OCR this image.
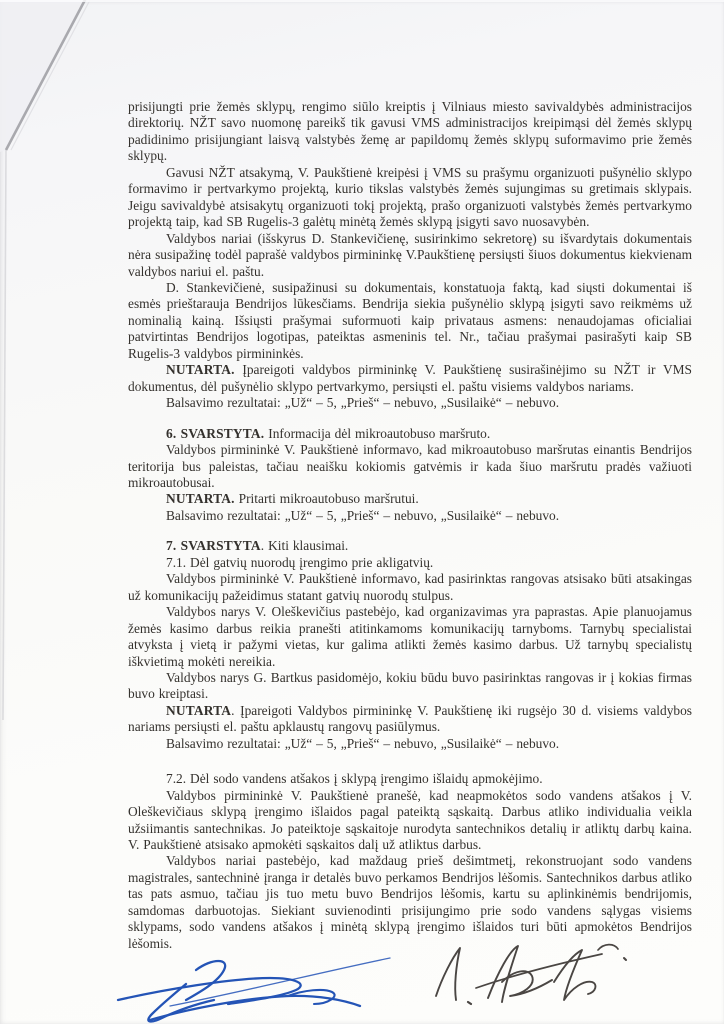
prisijungti prie žemės sklypų, rengimo siūlo kreiptis į Vilniaus miesto savivaldybės administracijos direktorių. NŽT savo nuomonę pareikš tik gavusi VMS administracijos kreipimąsi dėl žemės sklypų padidinimo prisijungiant laisvą valstybės žemę ar papildomų žemės sklypų suformavimo prie žemės sklypų.

Gavusi NŽT atsakymą, V. Paukštienė kreipėsi į VMS su prašymu organizuoti pušynėlio sklypo formavimo ir pertvarkymo projektą, kurio tikslas valstybės žemės sujungimas su gretimais sklypais. Jeigu savivaldybė atsisakytų organizuoti tokį projektą, prašo organizuoti valstybės žemės pertvarkymo projektą taip, kad SB Rugelis-3 galėtų minėtą žemės sklypą įsigyti savo nuosavybėn.

Valdybos nariai (išskyrus D. Stankevičienę, susirinkimo sekretorę) su išvardytais dokumentais nėra susipažinę todėl paprašė valdybos pirmininkę V.Paukštienę persiųsti šiuos dokumentus kiekvienam valdybos nariui el. paštu.

D. Stankevičienė, susipažinusi su dokumentais, konstatuoja faktą, kad siųsti dokumentai iš esmės prieštarauja Bendrijos lūkesčiams. Bendrija siekia pušynėlio sklypą įsigyti savo reikmėms už nominalią kainą. Išsiųsti prašymai suformuoti kaip privataus asmens: nenaudojamas oficialiai patvirtintas Bendrijos logotipas, pateiktas asmeninis tel. Nr., tačiau prašymai pasirašyti kaip SB Rugelis-3 valdybos pirmininkės.

NUTARTA. Įpareigoti valdybos pirmininkę V. Paukštienę susirašinėjimo su NŽT ir VMS dokumentus, dėl pušynėlio sklypo pertvarkymo, persiųsti el. paštu visiems valdybos nariams.

Balsavimo rezultatai: „Už“ – 5, „Prieš“ – nebuvo, „Susilaikė“ – nebuvo.

6. SVARSTYTA. Informacija dėl mikroautobuso maršruto.

Valdybos pirmininkė V. Paukštienė informavo, kad mikroautobuso maršrutas einantis Bendrijos teritorija bus paleistas, tačiau neaišku kokiomis gatvėmis ir kada šiuo maršrutu pradės važiuoti mikroautobusai.

NUTARTA. Pritarti mikroautobuso maršrutui.

Balsavimo rezultatai: „Už“ – 5, „Prieš“ – nebuvo, „Susilaikė“ – nebuvo.

7. SVARSTYTA. Kiti klausimai.

7.1. Dėl gatvių nuorodų įrengimo prie akligatvių.

Valdybos pirmininkė V. Paukštienė informavo, kad pasirinktas rangovas atsisako būti atsakingas už komunikacijų pažeidimus statant gatvių nuorodų stulpus.

Valdybos narys V. Oleškevičius pastebėjo, kad organizavimas yra paprastas. Apie planuojamus žemės kasimo darbus reikia pranešti atitinkamoms komunikacijų tarnyboms. Tarnybų specialistai atvyksta į vietą ir pažymi vietas, kur galima atlikti žemės kasimo darbus. Už tarnybų specialistų iškvietimą mokėti nereikia.

Valdybos narys G. Bartkus pasidomėjo, kokiu būdu buvo pasirinktas rangovas ir į kokias firmas buvo kreiptasi.

NUTARTA. Įpareigoti Valdybos pirmininkę V. Paukštienę iki rugsėjo 30 d. visiems valdybos nariams persiųsti el. paštu apklaustų rangovų pasiūlymus.

Balsavimo rezultatai: „Už“ – 5, „Prieš“ – nebuvo, „Susilaikė“ – nebuvo.

7.2. Dėl sodo vandens atšakos į sklypą įrengimo išlaidų apmokėjimo.

Valdybos pirmininkė V. Paukštienė pranešė, kad neapmokėtos sodo vandens atšakos į V. Oleškevičiaus sklypą įrengimo išlaidos pagal pateiktą sąskaitą. Darbus atliko individualia veikla užsiimantis santechnikas. Jo pateiktoje sąskaitoje nurodyta santechnikos detalių ir atliktų darbų kaina. V. Paukštienė atsisako apmokėti sąskaitos dalį už atliktus darbus.

Valdybos nariai pastebėjo, kad maždaug prieš dešimtmetį, rekonstruojant sodo vandens magistrales, santechninė įranga ir detalės buvo perkamos Bendrijos lėšomis. Santechnikos darbus atliko tas pats asmuo, tačiau jis tuo metu buvo Bendrijos lėšomis, kartu su aplinkinėmis bendrijomis, samdomas darbuotojas. Siekiant suvienodinti prisijungimo prie sodo vandens sąlygas visiems sklypams, sodo vandens atšakos į minėtą sklypą įrengimo išlaidos turi būti apmokėtos Bendrijos lėšomis.
